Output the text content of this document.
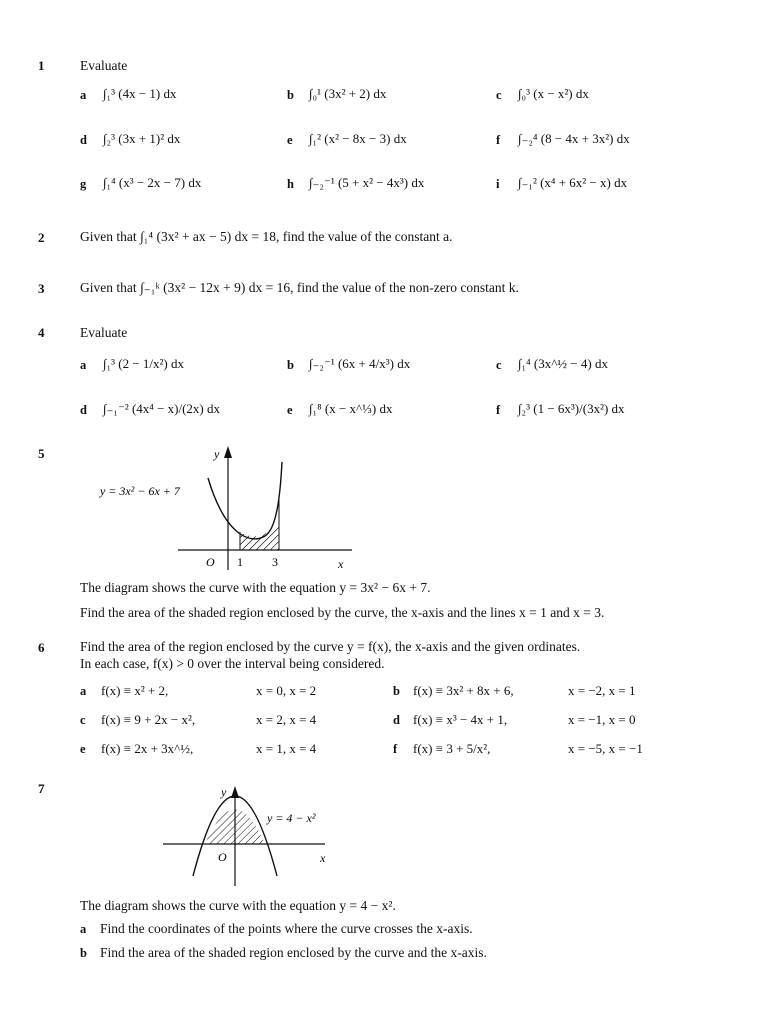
1	Evaluate
a ∫₁³ (4x − 1) dx	b ∫₀¹ (3x² + 2) dx	c ∫₀³ (x − x²) dx
d ∫₂³ (3x + 1)² dx	e ∫₁² (x² − 8x − 3) dx	f ∫₋₂⁴ (8 − 4x + 3x²) dx
g ∫₁⁴ (x³ − 2x − 7) dx	h ∫₋₂⁻¹ (5 + x² − 4x³) dx	i ∫₋₁² (x⁴ + 6x² − x) dx
2	Given that ∫₁⁴ (3x² + ax − 5) dx = 18, find the value of the constant a.
3	Given that ∫₋₁ᵏ (3x² − 12x + 9) dx = 16, find the value of the non-zero constant k.
4	Evaluate
a ∫₁³ (2 − 1/x²) dx	b ∫₋₂⁻¹ (6x + 4/x³) dx	c ∫₁⁴ (3x^½ − 4) dx
d ∫₋₁⁻² (4x⁴ − x)/(2x) dx	e ∫₁⁸ (x − x^⅓) dx	f ∫₂³ (1 − 6x³)/(3x²) dx
5	y
x
O 1 3
y = 3x² − 6x + 7
The diagram shows the curve with the equation y = 3x² − 6x + 7.
Find the area of the shaded region enclosed by the curve, the x-axis and the lines x = 1 and x = 3.
6	Find the area of the region enclosed by the curve y = f(x), the x-axis and the given ordinates.
In each case, f(x) > 0 over the interval being considered.
a f(x) ≡ x² + 2,	x = 0, x = 2	b f(x) ≡ 3x² + 8x + 6,	x = −2, x = 1
c f(x) ≡ 9 + 2x − x²,	x = 2, x = 4	d f(x) ≡ x³ − 4x + 1,	x = −1, x = 0
e f(x) ≡ 2x + 3x^½,	x = 1, x = 4	f f(x) ≡ 3 + 5/x²,	x = −5, x = −1
7	y
x
O
y = 4 − x²
The diagram shows the curve with the equation y = 4 − x².
a Find the coordinates of the points where the curve crosses the x-axis.
b Find the area of the shaded region enclosed by the curve and the x-axis.
